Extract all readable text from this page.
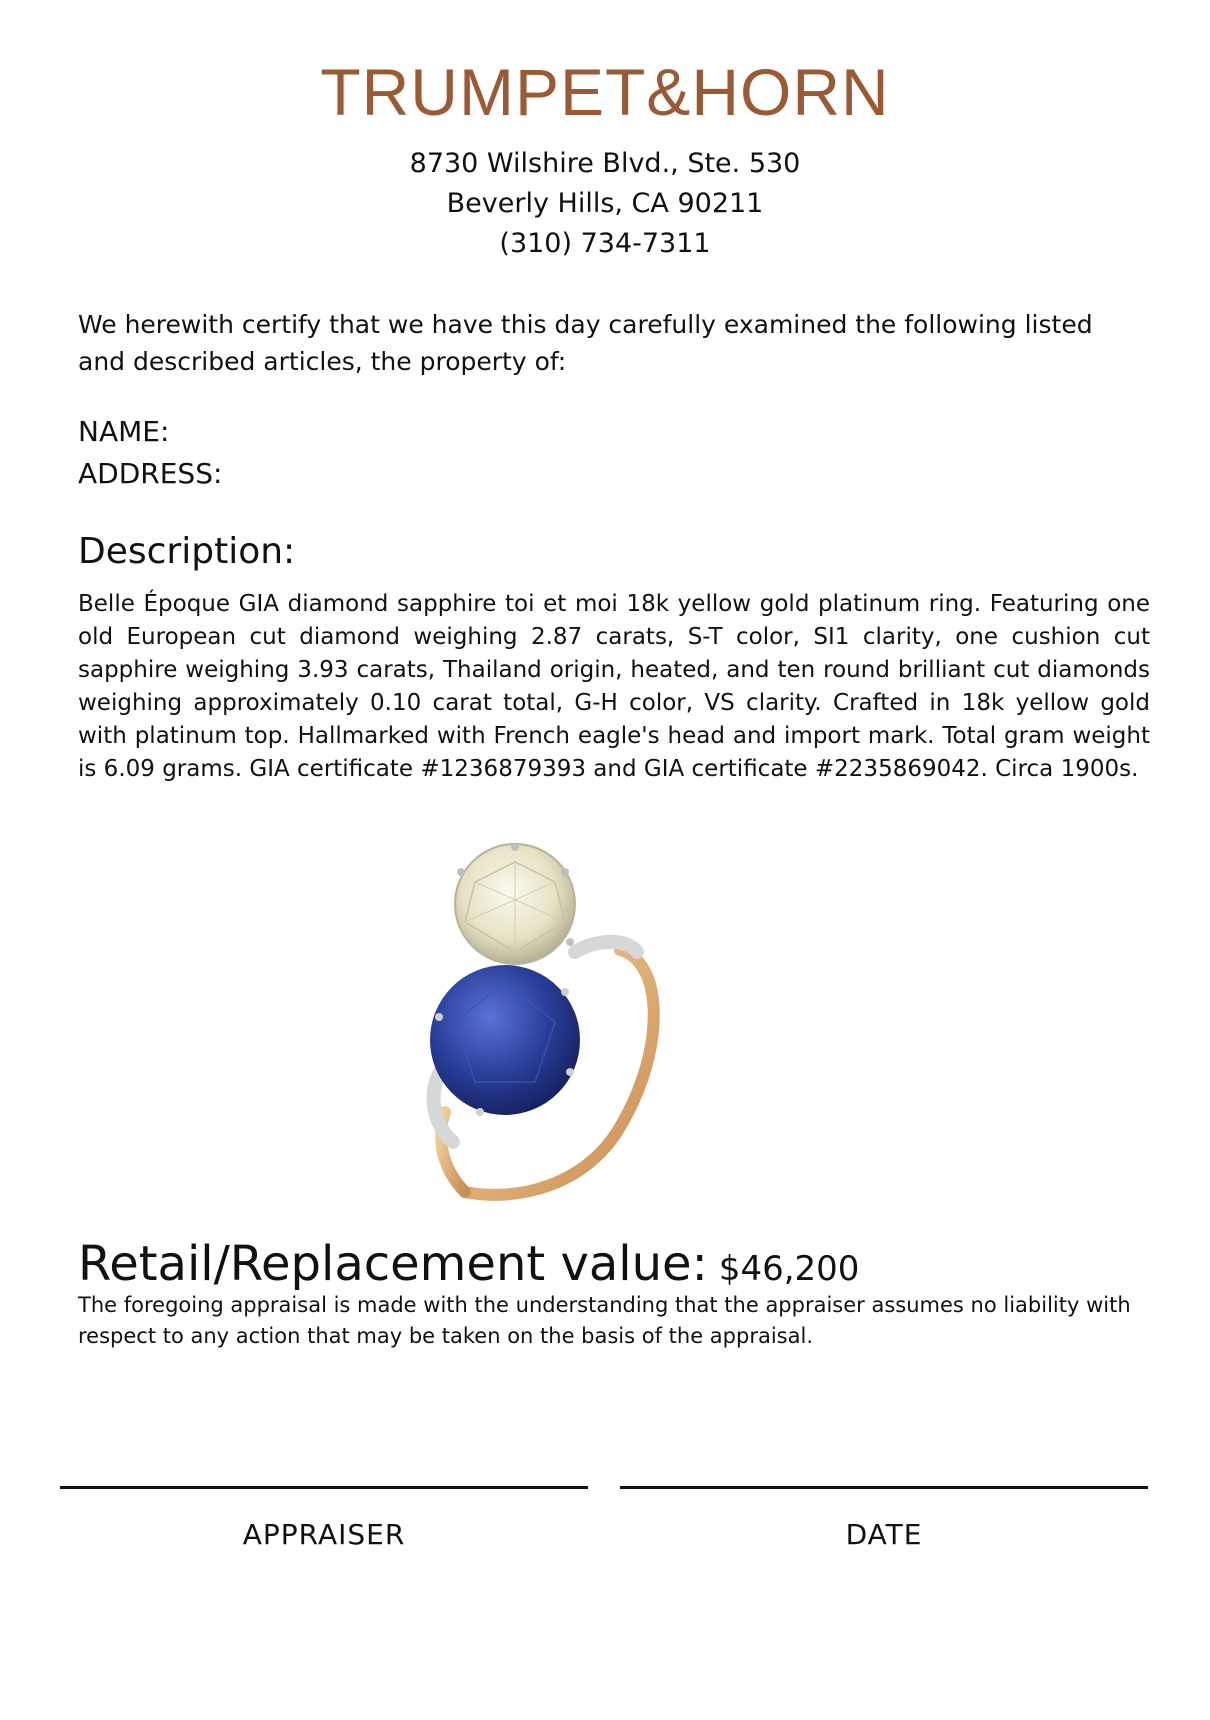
TRUMPET&HORN
8730 Wilshire Blvd., Ste. 530
Beverly Hills, CA 90211
(310) 734-7311
We herewith certify that we have this day carefully examined the following listed and described articles, the property of:
NAME:
ADDRESS:
Description:
Belle Époque GIA diamond sapphire toi et moi 18k yellow gold platinum ring. Featuring one old European cut diamond weighing 2.87 carats, S-T color, SI1 clarity, one cushion cut sapphire weighing 3.93 carats, Thailand origin, heated, and ten round brilliant cut diamonds weighing approximately 0.10 carat total, G-H color, VS clarity. Crafted in 18k yellow gold with platinum top. Hallmarked with French eagle's head and import mark. Total gram weight is 6.09 grams. GIA certificate #1236879393 and GIA certificate #2235869042. Circa 1900s.
Retail/Replacement value: $46,200
The foregoing appraisal is made with the understanding that the appraiser assumes no liability with respect to any action that may be taken on the basis of the appraisal.
APPRAISER	DATE
